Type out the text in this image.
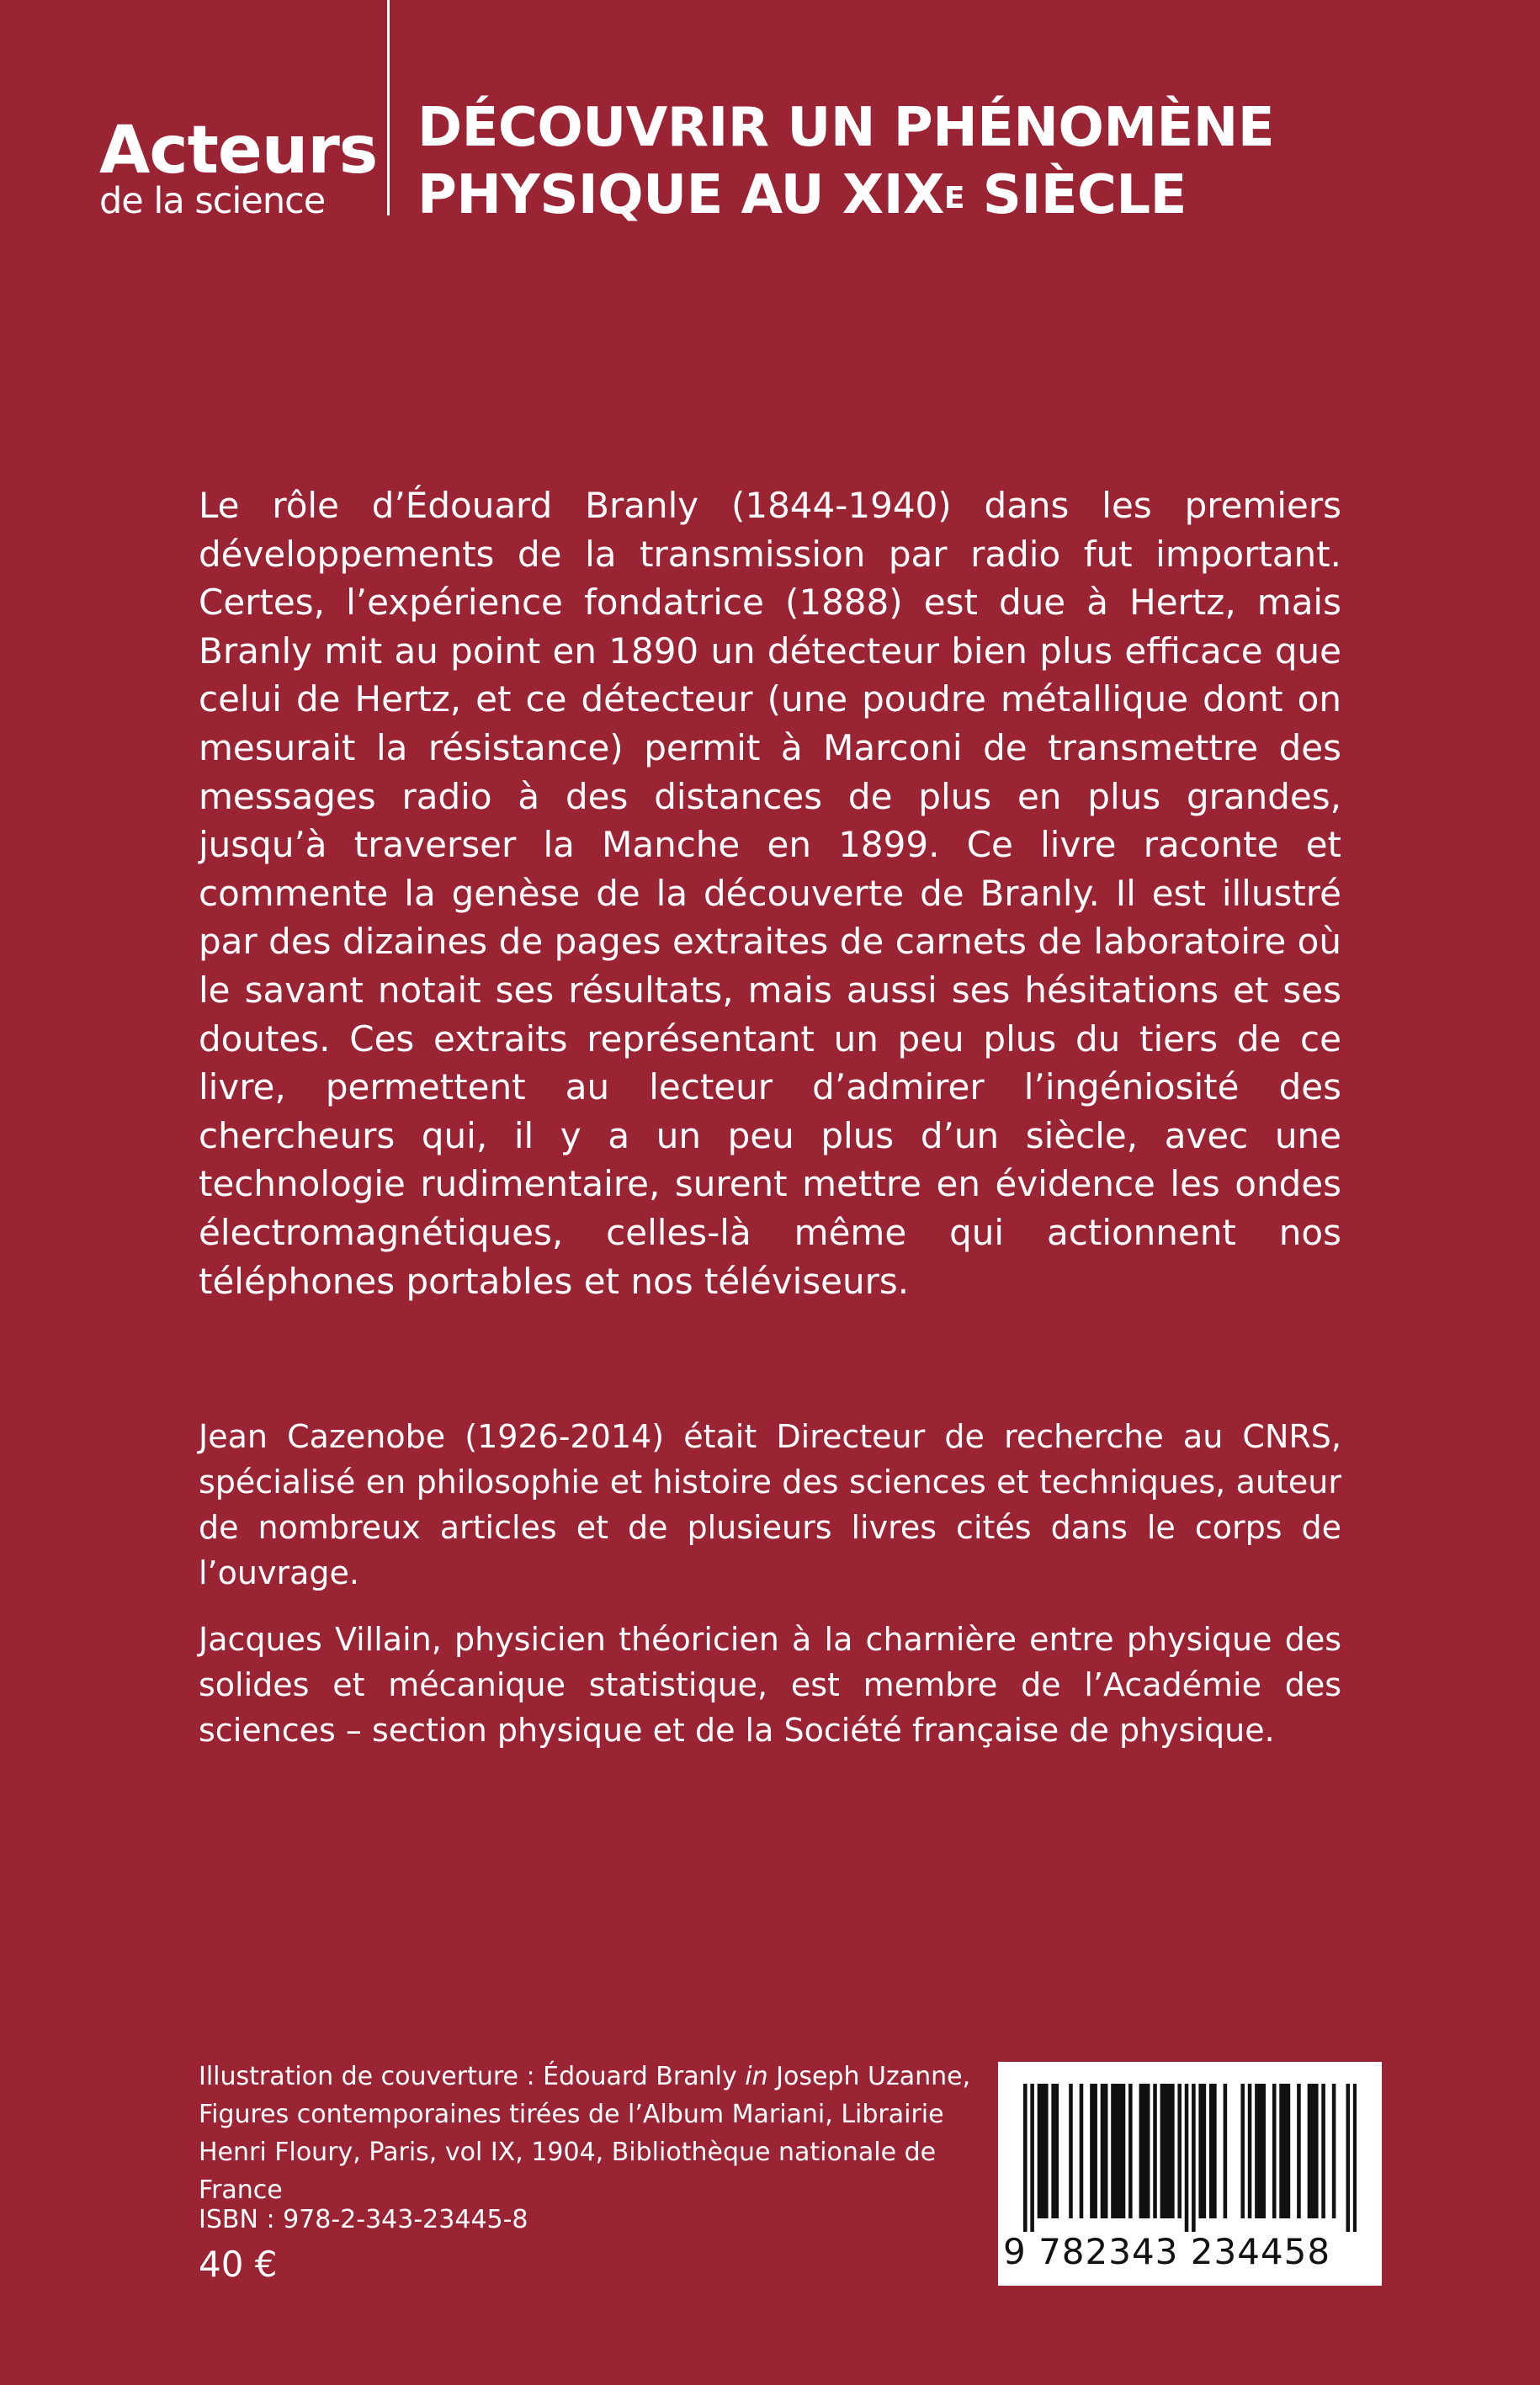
Acteurs
de la science
DÉCOUVRIR UN PHÉNOMÈNE
PHYSIQUE AU $XIX^E$ SIÈCLE

Le rôle d’Édouard Branly (1844-1940) dans les premiers développements de la transmission par radio fut important. Certes, l’expérience fondatrice (1888) est due à Hertz, mais Branly mit au point en 1890 un détecteur bien plus efficace que celui de Hertz, et ce détecteur (une poudre métallique dont on mesurait la résistance) permit à Marconi de transmettre des messages radio à des distances de plus en plus grandes, jusqu’à traverser la Manche en 1899. Ce livre raconte et commente la genèse de la découverte de Branly. Il est illustré par des dizaines de pages extraites de carnets de laboratoire où le savant notait ses résultats, mais aussi ses hésitations et ses doutes. Ces extraits représentant un peu plus du tiers de ce livre, permettent au lecteur d’admirer l’ingéniosité des chercheurs qui, il y a un peu plus d’un siècle, avec une technologie rudimentaire, surent mettre en évidence les ondes électromagnétiques, celles-là même qui actionnent nos téléphones portables et nos téléviseurs.

Jean Cazenobe (1926-2014) était Directeur de recherche au CNRS, spécialisé en philosophie et histoire des sciences et techniques, auteur de nombreux articles et de plusieurs livres cités dans le corps de l’ouvrage.

Jacques Villain, physicien théoricien à la charnière entre physique des solides et mécanique statistique, est membre de l’Académie des sciences – section physique et de la Société française de physique.

Illustration de couverture : Édouard Branly in Joseph Uzanne, Figures contemporaines tirées de l’Album Mariani, Librairie Henri Floury, Paris, vol IX, 1904, Bibliothèque nationale de France

ISBN : 978-2-343-23445-8
40 €	9 782343 234458
